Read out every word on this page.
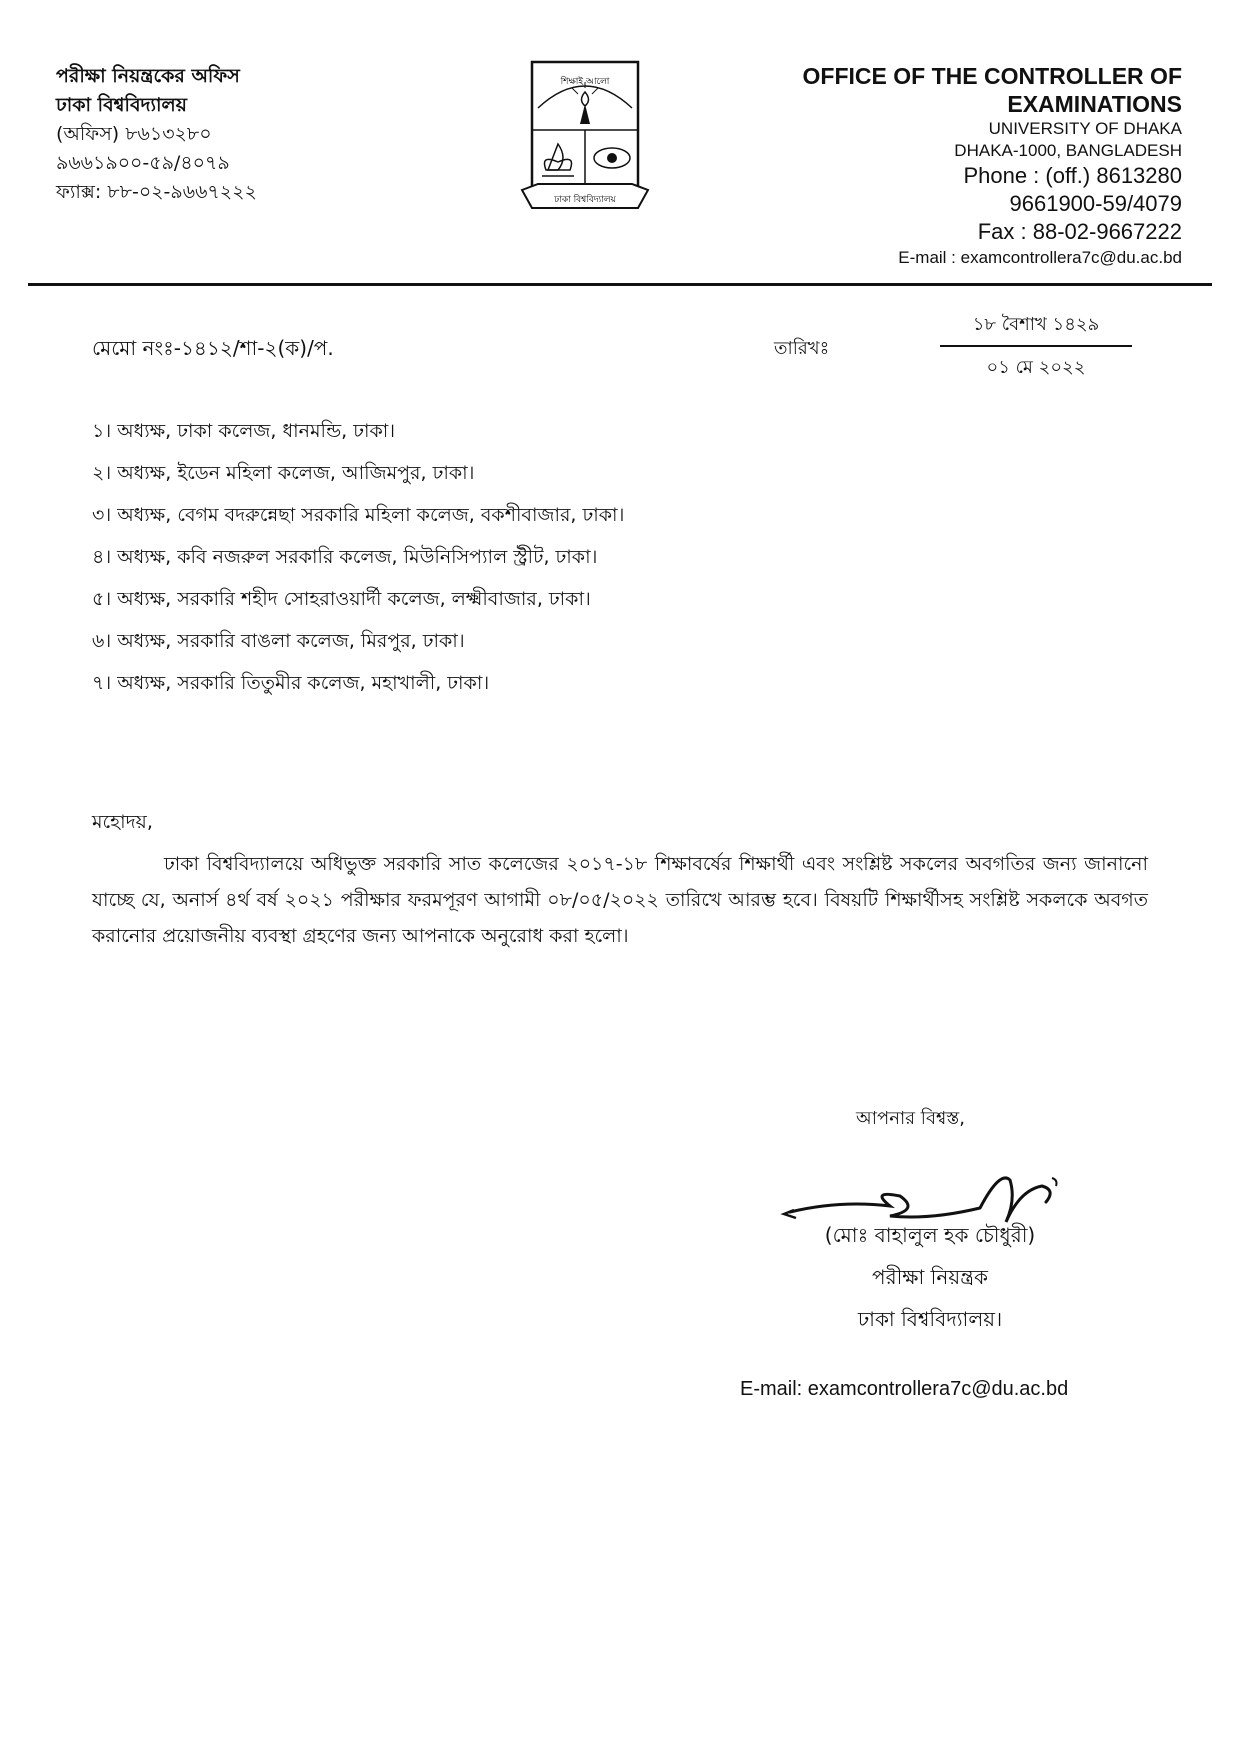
পরীক্ষা নিয়ন্ত্রকের অফিস
ঢাকা বিশ্ববিদ্যালয়
(অফিস) ৮৬১৩২৮০
৯৬৬১৯০০-৫৯/৪০৭৯
ফ্যাক্স: ৮৮-০২-৯৬৬৭২২২
শিক্ষাই আলো
ঢাকা বিশ্ববিদ্যালয়
OFFICE OF THE CONTROLLER OF
EXAMINATIONS
UNIVERSITY OF DHAKA
DHAKA-1000, BANGLADESH
Phone : (off.) 8613280
9661900-59/4079
Fax : 88-02-9667222
E-mail : examcontrollera7c@du.ac.bd
মেমো নংঃ-১৪১২/শা-২(ক)/প.	তারিখঃ
১৮ বৈশাখ ১৪২৯
০১ মে ২০২২
১। অধ্যক্ষ, ঢাকা কলেজ, ধানমন্ডি, ঢাকা।
২। অধ্যক্ষ, ইডেন মহিলা কলেজ, আজিমপুর, ঢাকা।
৩। অধ্যক্ষ, বেগম বদরুন্নেছা সরকারি মহিলা কলেজ, বকশীবাজার, ঢাকা।
৪। অধ্যক্ষ, কবি নজরুল সরকারি কলেজ, মিউনিসিপ্যাল স্ট্রীট, ঢাকা।
৫। অধ্যক্ষ, সরকারি শহীদ সোহরাওয়ার্দী কলেজ, লক্ষ্মীবাজার, ঢাকা।
৬। অধ্যক্ষ, সরকারি বাঙলা কলেজ, মিরপুর, ঢাকা।
৭। অধ্যক্ষ, সরকারি তিতুমীর কলেজ, মহাখালী, ঢাকা।
মহোদয়,
ঢাকা বিশ্ববিদ্যালয়ে অধিভুক্ত সরকারি সাত কলেজের ২০১৭-১৮ শিক্ষাবর্ষের শিক্ষার্থী এবং সংশ্লিষ্ট সকলের অবগতির জন্য জানানো যাচ্ছে যে, অনার্স ৪র্থ বর্ষ ২০২১ পরীক্ষার ফরমপূরণ আগামী ০৮/০৫/২০২২ তারিখে আরম্ভ হবে। বিষয়টি শিক্ষার্থীসহ সংশ্লিষ্ট সকলকে অবগত করানোর প্রয়োজনীয় ব্যবস্থা গ্রহণের জন্য আপনাকে অনুরোধ করা হলো।
আপনার বিশ্বস্ত,
(মোঃ বাহালুল হক চৌধুরী)
পরীক্ষা নিয়ন্ত্রক
ঢাকা বিশ্ববিদ্যালয়।
E-mail: examcontrollera7c@du.ac.bd
